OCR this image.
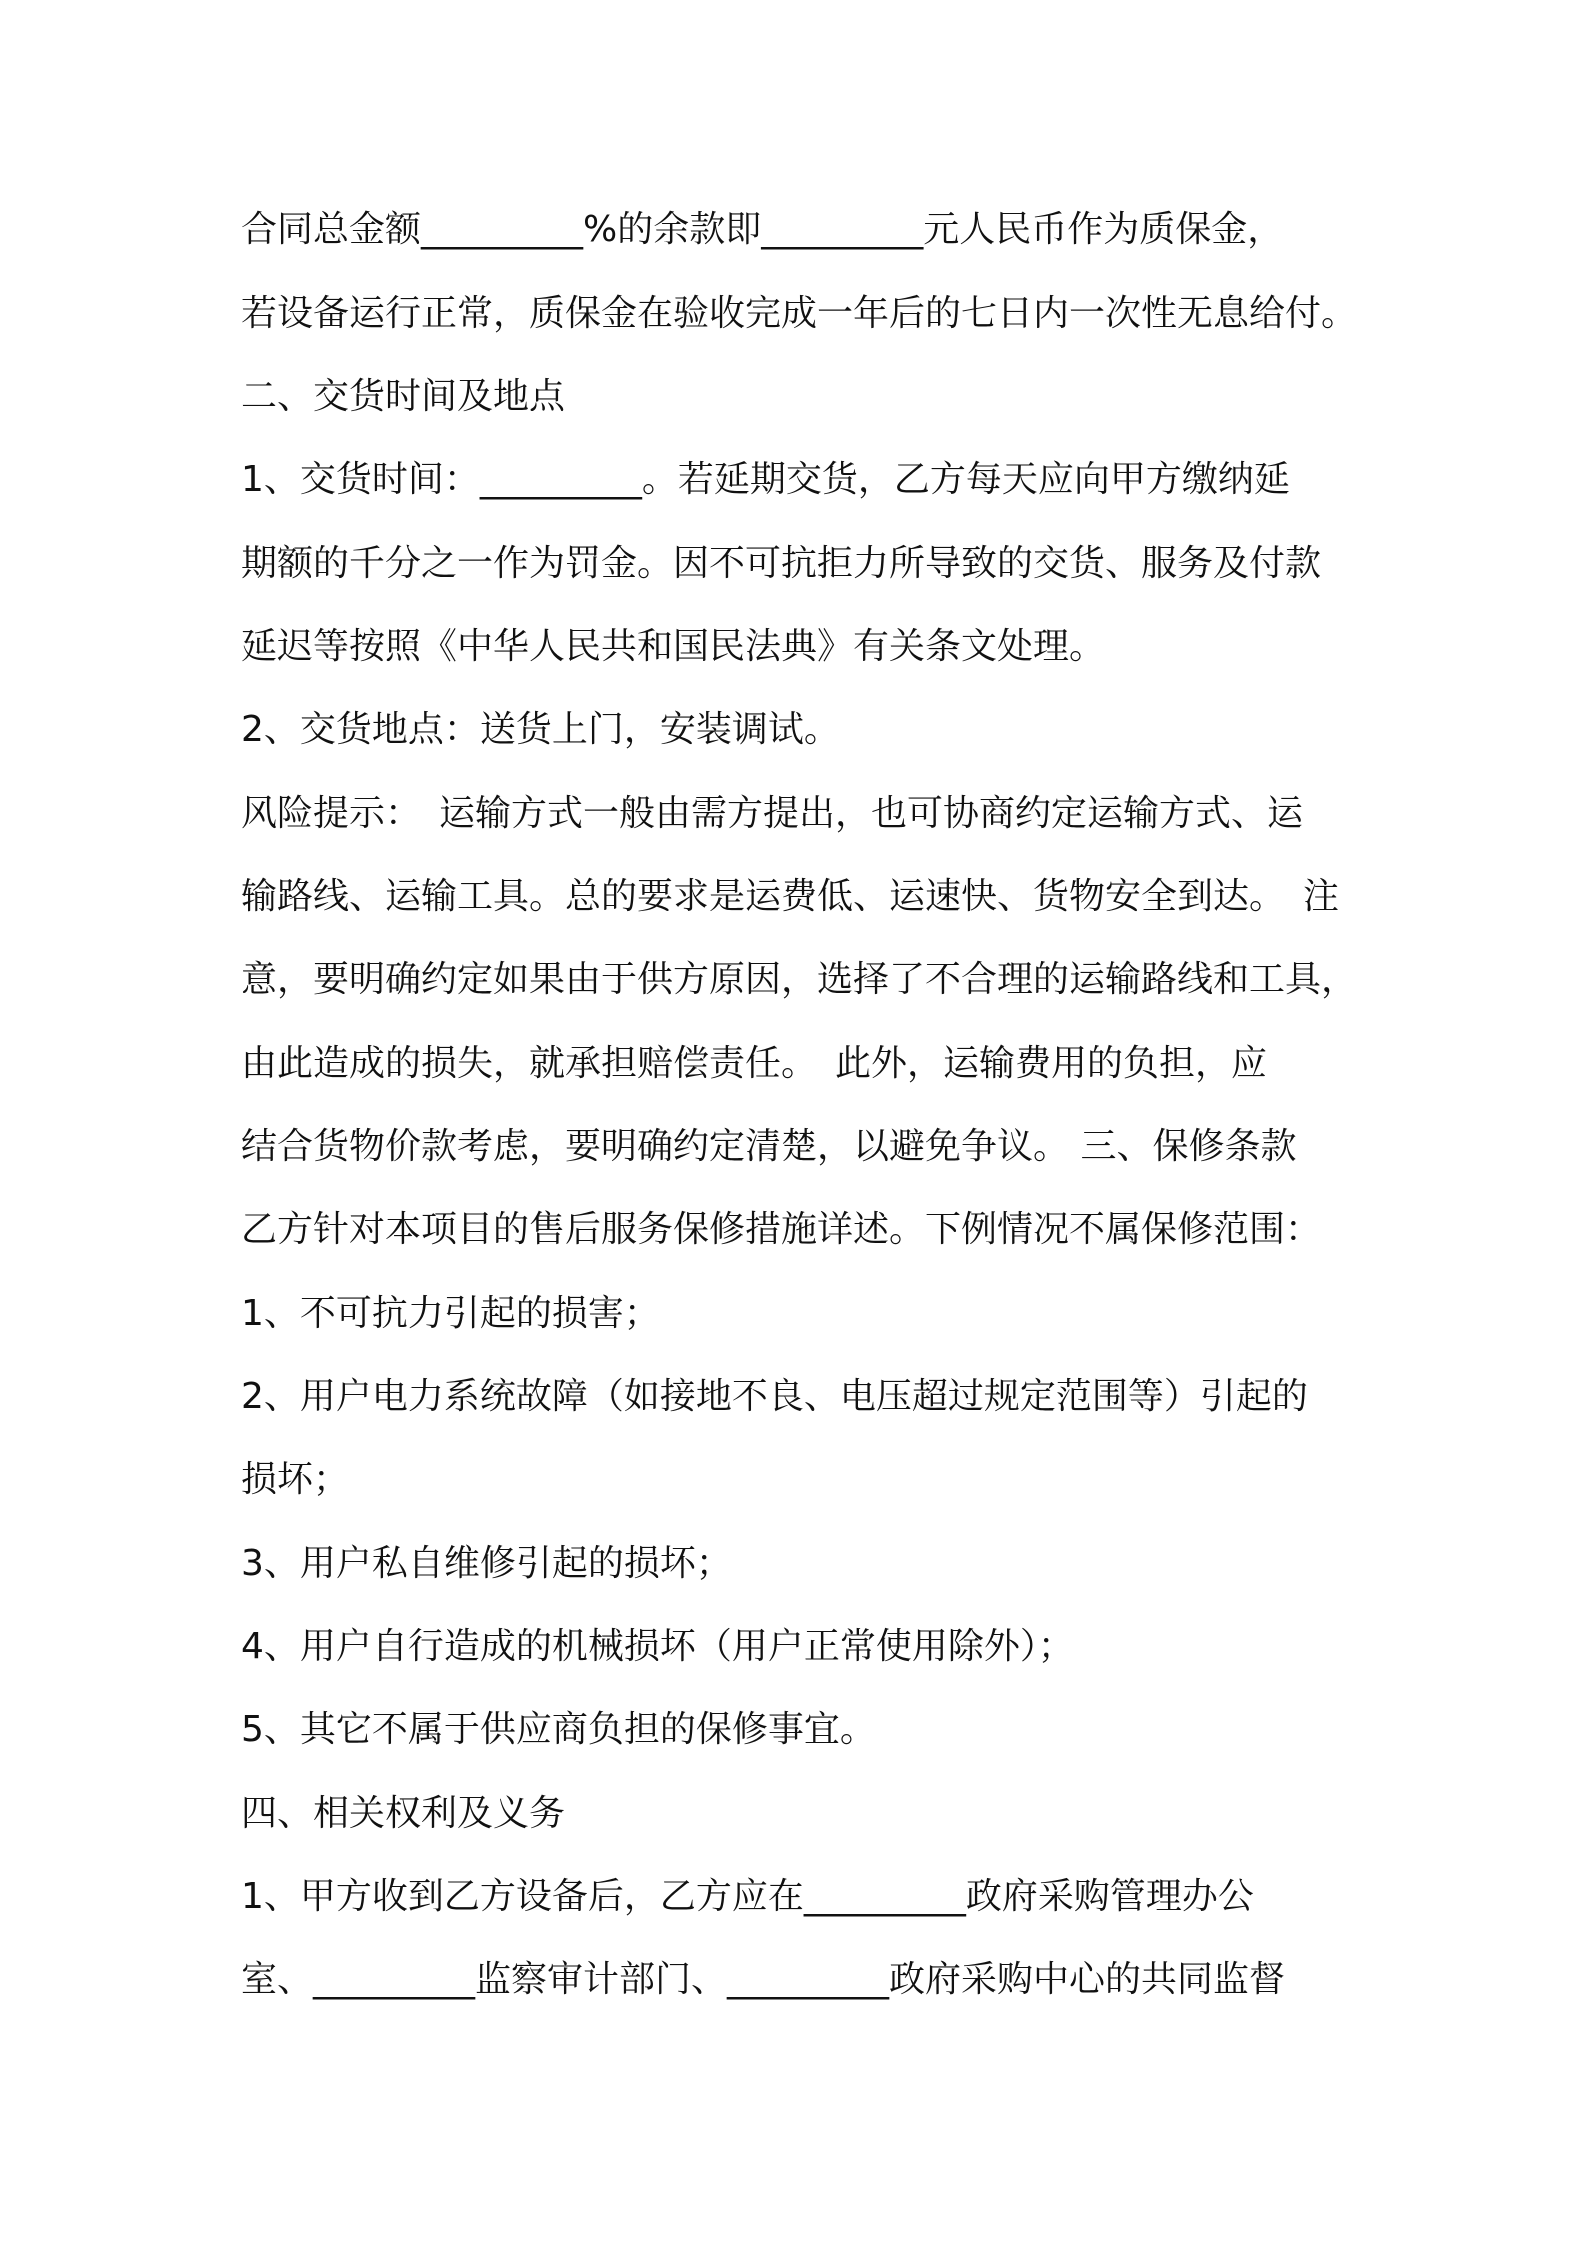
合同总金额_________%的余款即_________元人民币作为质保金，
若设备运行正常，质保金在验收完成一年后的七日内一次性无息给付。
二、交货时间及地点
1、交货时间：_________。若延期交货，乙方每天应向甲方缴纳延
期额的千分之一作为罚金。因不可抗拒力所导致的交货、服务及付款
延迟等按照《中华人民共和国民法典》有关条文处理。
2、交货地点：送货上门，安装调试。
风险提示：　运输方式一般由需方提出，也可协商约定运输方式、运
输路线、运输工具。总的要求是运费低、运速快、货物安全到达。　注
意，要明确约定如果由于供方原因，选择了不合理的运输路线和工具，
由此造成的损失，就承担赔偿责任。　此外，运输费用的负担，应
结合货物价款考虑，要明确约定清楚，以避免争议。 三、保修条款
乙方针对本项目的售后服务保修措施详述。下例情况不属保修范围：
1、不可抗力引起的损害；
2、用户电力系统故障（如接地不良、电压超过规定范围等）引起的
损坏；
3、用户私自维修引起的损坏；
4、用户自行造成的机械损坏（用户正常使用除外）；
5、其它不属于供应商负担的保修事宜。
四、相关权利及义务
1、甲方收到乙方设备后，乙方应在_________政府采购管理办公
室、_________监察审计部门、_________政府采购中心的共同监督
